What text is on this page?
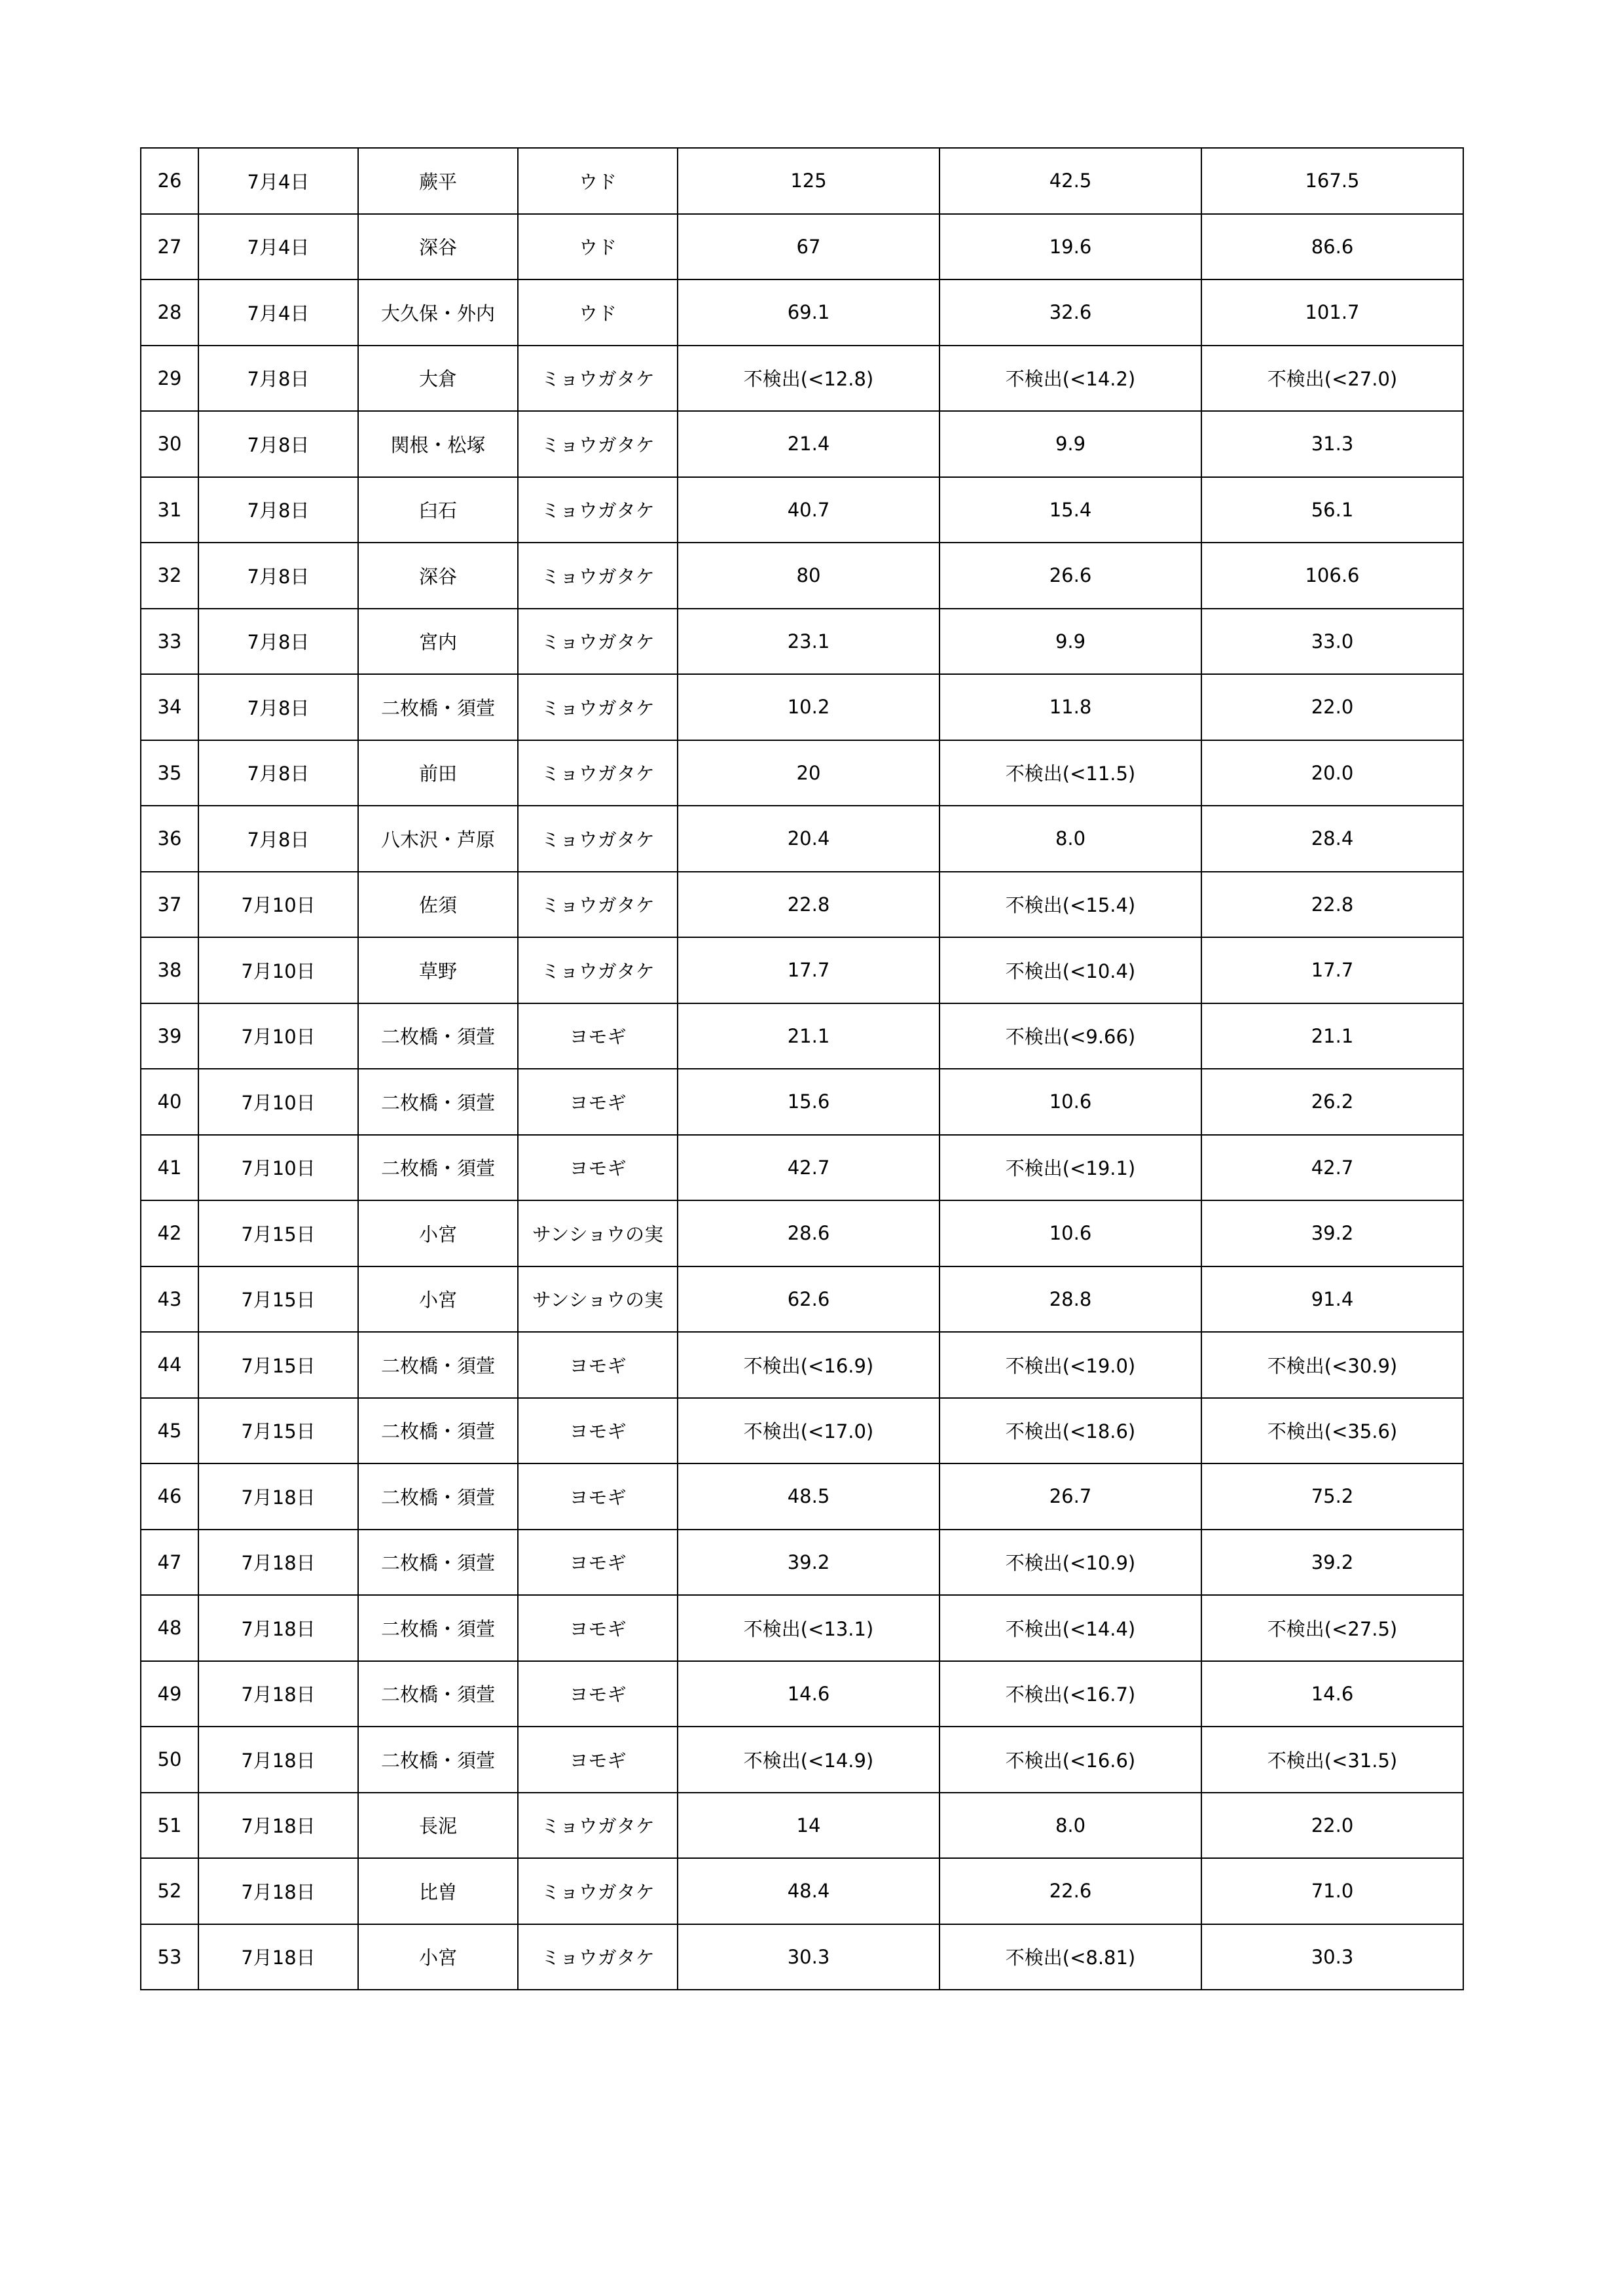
26	7月4日	蕨平	ウド	125	42.5	167.5
27	7月4日	深谷	ウド	67	19.6	86.6
28	7月4日	大久保・外内	ウド	69.1	32.6	101.7
29	7月8日	大倉	ミョウガタケ	不検出(<12.8)	不検出(<14.2)	不検出(<27.0)
30	7月8日	関根・松塚	ミョウガタケ	21.4	9.9	31.3
31	7月8日	臼石	ミョウガタケ	40.7	15.4	56.1
32	7月8日	深谷	ミョウガタケ	80	26.6	106.6
33	7月8日	宮内	ミョウガタケ	23.1	9.9	33.0
34	7月8日	二枚橋・須萱	ミョウガタケ	10.2	11.8	22.0
35	7月8日	前田	ミョウガタケ	20	不検出(<11.5)	20.0
36	7月8日	八木沢・芦原	ミョウガタケ	20.4	8.0	28.4
37	7月10日	佐須	ミョウガタケ	22.8	不検出(<15.4)	22.8
38	7月10日	草野	ミョウガタケ	17.7	不検出(<10.4)	17.7
39	7月10日	二枚橋・須萱	ヨモギ	21.1	不検出(<9.66)	21.1
40	7月10日	二枚橋・須萱	ヨモギ	15.6	10.6	26.2
41	7月10日	二枚橋・須萱	ヨモギ	42.7	不検出(<19.1)	42.7
42	7月15日	小宮	サンショウの実	28.6	10.6	39.2
43	7月15日	小宮	サンショウの実	62.6	28.8	91.4
44	7月15日	二枚橋・須萱	ヨモギ	不検出(<16.9)	不検出(<19.0)	不検出(<30.9)
45	7月15日	二枚橋・須萱	ヨモギ	不検出(<17.0)	不検出(<18.6)	不検出(<35.6)
46	7月18日	二枚橋・須萱	ヨモギ	48.5	26.7	75.2
47	7月18日	二枚橋・須萱	ヨモギ	39.2	不検出(<10.9)	39.2
48	7月18日	二枚橋・須萱	ヨモギ	不検出(<13.1)	不検出(<14.4)	不検出(<27.5)
49	7月18日	二枚橋・須萱	ヨモギ	14.6	不検出(<16.7)	14.6
50	7月18日	二枚橋・須萱	ヨモギ	不検出(<14.9)	不検出(<16.6)	不検出(<31.5)
51	7月18日	長泥	ミョウガタケ	14	8.0	22.0
52	7月18日	比曽	ミョウガタケ	48.4	22.6	71.0
53	7月18日	小宮	ミョウガタケ	30.3	不検出(<8.81)	30.3
